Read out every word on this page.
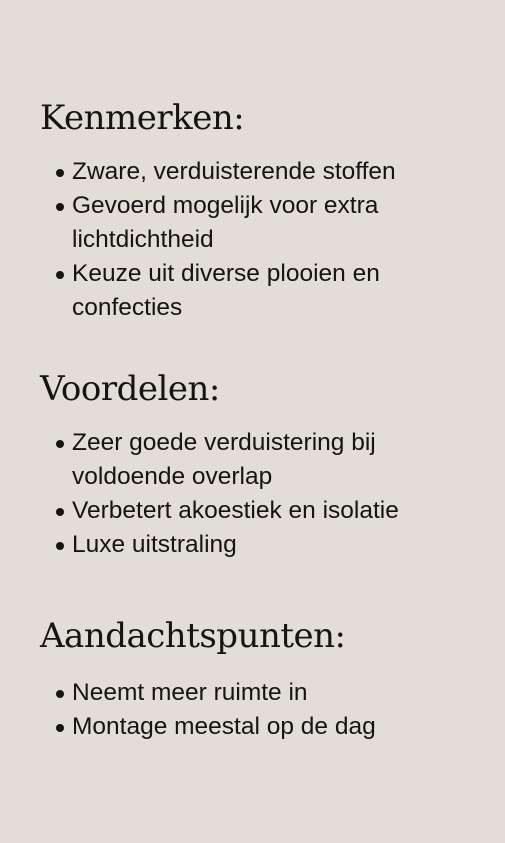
Kenmerken:
Zware, verduisterende stoffen
Gevoerd mogelijk voor extra lichtdichtheid
Keuze uit diverse plooien en confecties
Voordelen:
Zeer goede verduistering bij voldoende overlap
Verbetert akoestiek en isolatie
Luxe uitstraling
Aandachtspunten:
Neemt meer ruimte in
Montage meestal op de dag
